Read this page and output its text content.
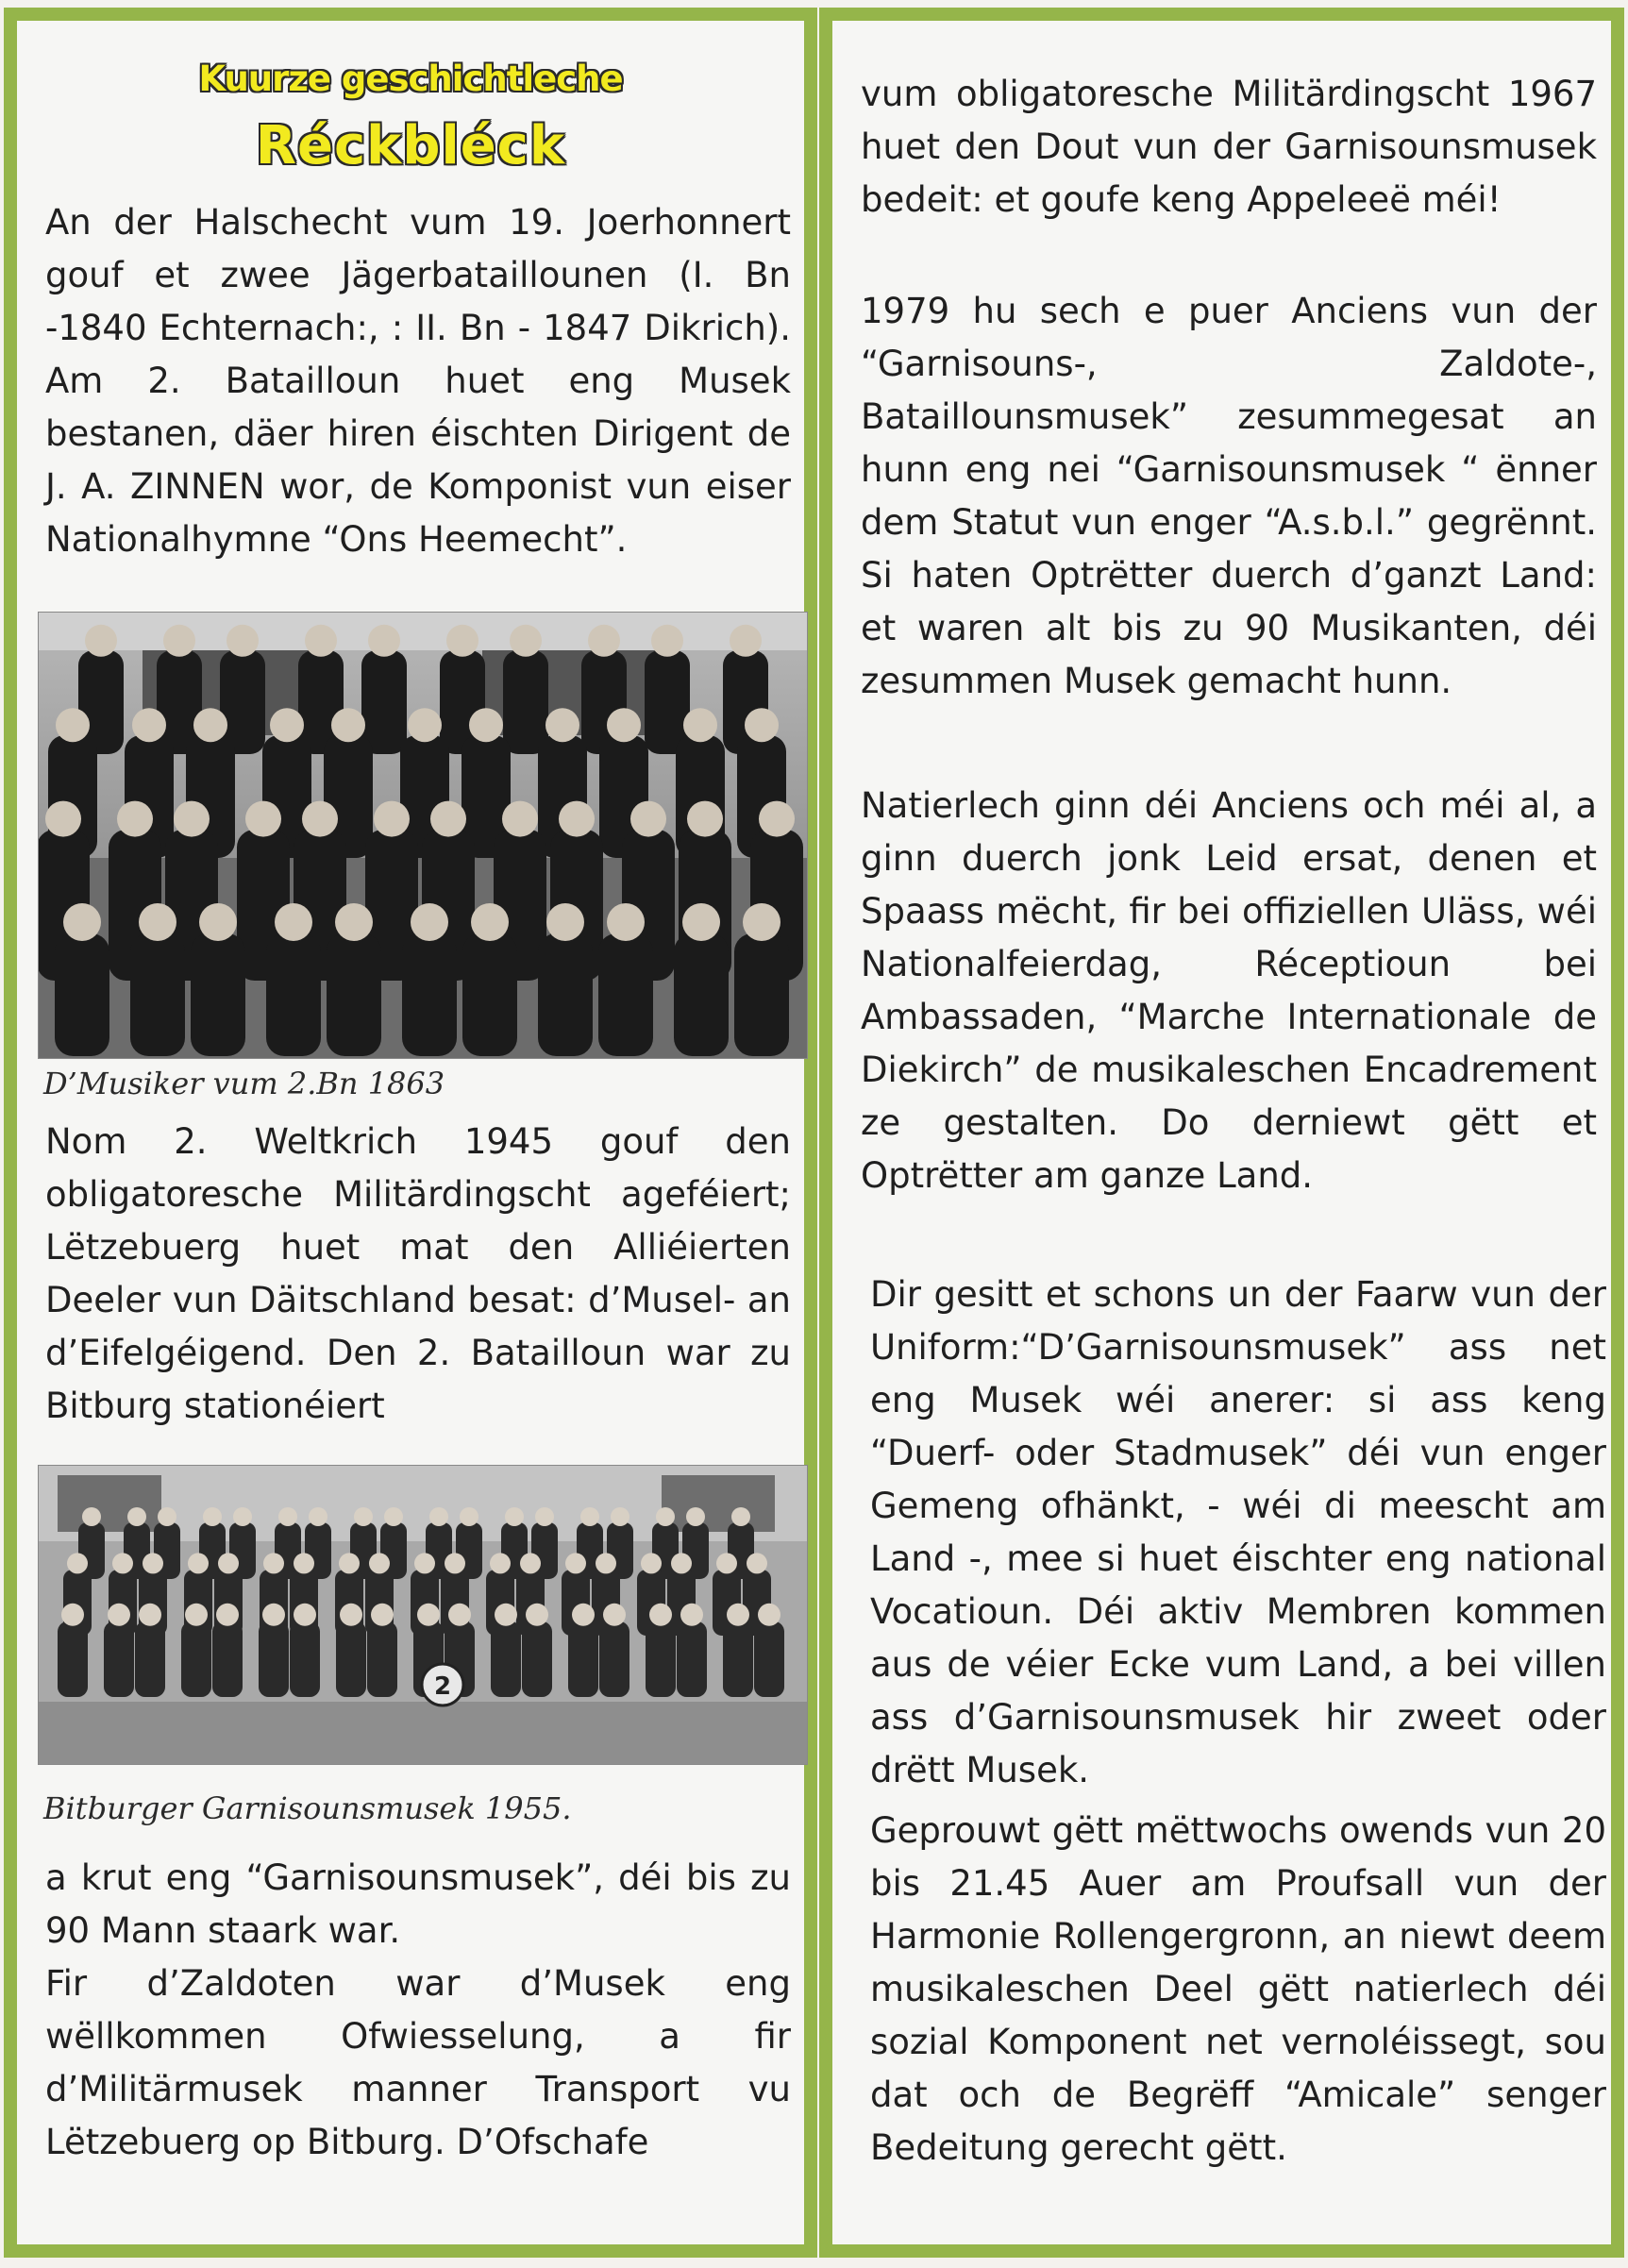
Kuurze geschichtleche
Réckbléck

An der Halschecht vum 19. Joerhonnert gouf et zwee Jägerbataillounen (I. Bn -1840 Echternach:, : II. Bn - 1847 Dikrich). Am 2. Batailloun huet eng Musek bestanen, däer hiren éischten Dirigent de J. A. ZINNEN wor, de Komponist vun eiser Nationalhymne “Ons Heemecht”.

D’Musiker vum 2.Bn 1863

Nom 2. Weltkrich 1945 gouf den obligatoresche Militärdingscht ageféiert; Lëtzebuerg huet mat den Alliéierten Deeler vun Däitschland besat: d’Musel- an d’Eifelgéigend. Den 2. Batailloun war zu Bitburg stationéiert

2

Bitburger Garnisounsmusek 1955.

a krut eng “Garnisounsmusek”, déi bis zu 90 Mann staark war.

Fir d’Zaldoten war d’Musek eng wëllkommen Ofwiesselung, a fir d’Militärmusek manner Transport vu Lëtzebuerg op Bitburg. D’Ofschafe

vum obligatoresche Militärdingscht 1967 huet den Dout vun der Garnisounsmusek bedeit: et goufe keng Appeleeë méi!

1979 hu sech e puer Anciens vun der “Garnisouns-, Zaldote-, Bataillounsmusek” zesummegesat an hunn eng nei “Garnisounsmusek “ ënner dem Statut vun enger “A.s.b.l.” gegrënnt. Si haten Optrëtter duerch d’ganzt Land: et waren alt bis zu 90 Musikanten, déi zesummen Musek gemacht hunn.

Natierlech ginn déi Anciens och méi al, a ginn duerch jonk Leid ersat, denen et Spaass mëcht, fir bei offiziellen Uläss, wéi Nationalfeierdag, Réceptioun bei Ambassaden, “Marche Internationale de Diekirch” de musikaleschen Encadrement ze gestalten. Do derniewt gëtt et Optrëtter am ganze Land.

Dir gesitt et schons un der Faarw vun der Uniform:“D’Garnisounsmusek” ass net eng Musek wéi anerer: si ass keng “Duerf- oder Stadmusek” déi vun enger Gemeng ofhänkt, - wéi di meescht am Land -, mee si huet éischter eng national Vocatioun. Déi aktiv Membren kommen aus de véier Ecke vum Land, a bei villen ass d’Garnisounsmusek hir zweet oder drëtt Musek.

Geprouwt gëtt mëttwochs owends vun 20 bis 21.45 Auer am Proufsall vun der Harmonie Rollengergronn, an niewt deem musikaleschen Deel gëtt natierlech déi sozial Komponent net vernoléissegt, sou dat och de Begrëff “Amicale” senger Bedeitung gerecht gëtt.
